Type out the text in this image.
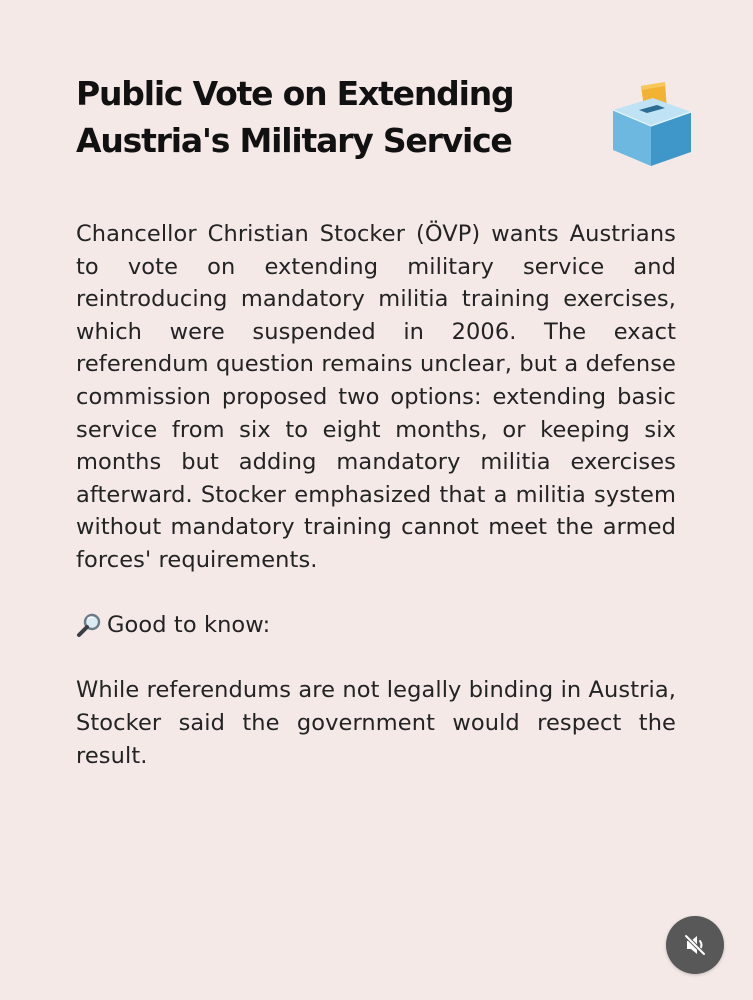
Public Vote on Extending Austria's Military Service

Chancellor Christian Stocker (ÖVP) wants Austrians to vote on extending military service and reintroducing mandatory militia training exercises, which were suspended in 2006. The exact referendum question remains unclear, but a defense commission proposed two options: extending basic service from six to eight months, or keeping six months but adding mandatory militia exercises afterward. Stocker emphasized that a militia system without mandatory training cannot meet the armed forces' requirements.

Good to know:

While referendums are not legally binding in Austria, Stocker said the government would respect the result.
